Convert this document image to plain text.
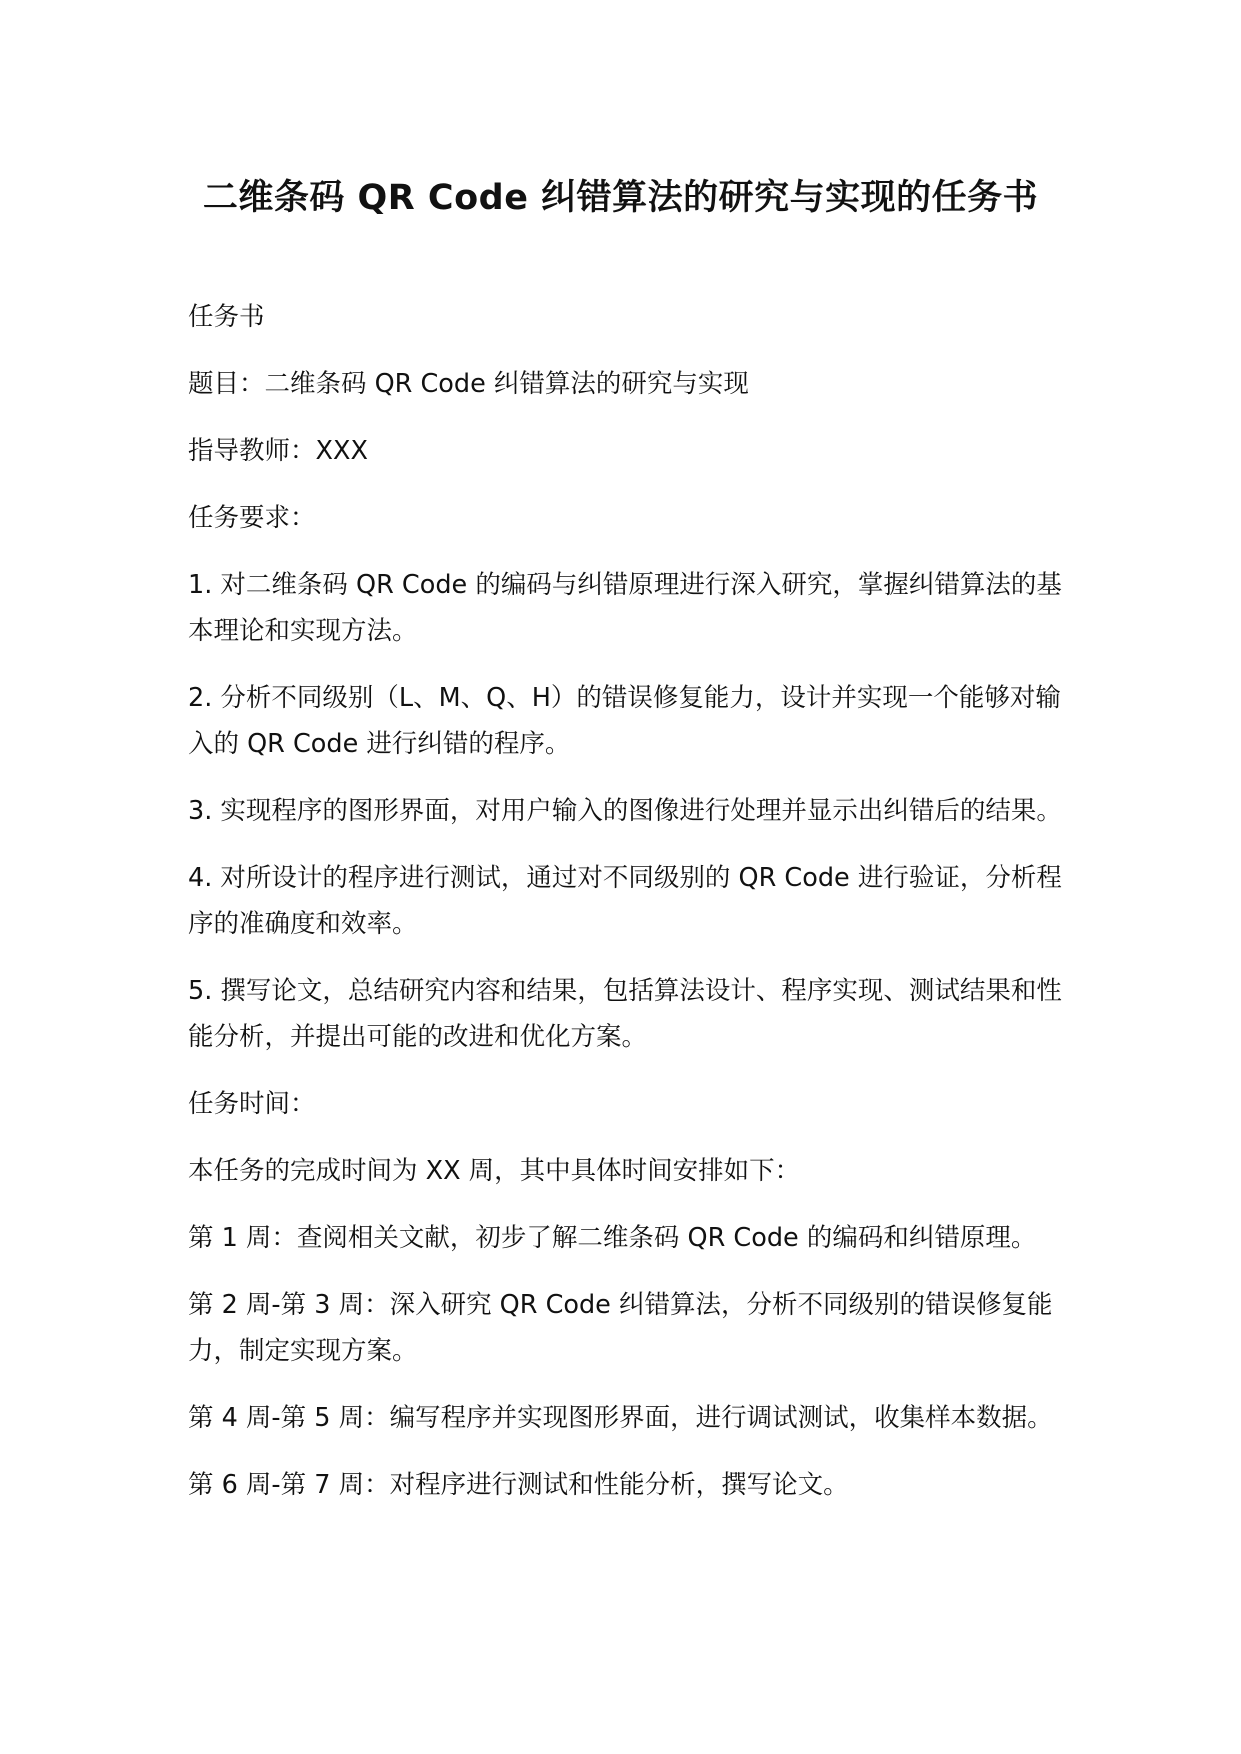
二维条码 QR Code 纠错算法的研究与实现的任务书

任务书

题目：二维条码 QR Code 纠错算法的研究与实现

指导教师：XXX

任务要求：

1. 对二维条码 QR Code 的编码与纠错原理进行深入研究，掌握纠错算法的基本理论和实现方法。

2. 分析不同级别（L、M、Q、H）的错误修复能力，设计并实现一个能够对输入的 QR Code 进行纠错的程序。

3. 实现程序的图形界面，对用户输入的图像进行处理并显示出纠错后的结果。

4. 对所设计的程序进行测试，通过对不同级别的 QR Code 进行验证，分析程序的准确度和效率。

5. 撰写论文，总结研究内容和结果，包括算法设计、程序实现、测试结果和性能分析，并提出可能的改进和优化方案。

任务时间：

本任务的完成时间为 XX 周，其中具体时间安排如下：

第 1 周：查阅相关文献，初步了解二维条码 QR Code 的编码和纠错原理。

第 2 周-第 3 周：深入研究 QR Code 纠错算法，分析不同级别的错误修复能力，制定实现方案。

第 4 周-第 5 周：编写程序并实现图形界面，进行调试测试，收集样本数据。

第 6 周-第 7 周：对程序进行测试和性能分析，撰写论文。
